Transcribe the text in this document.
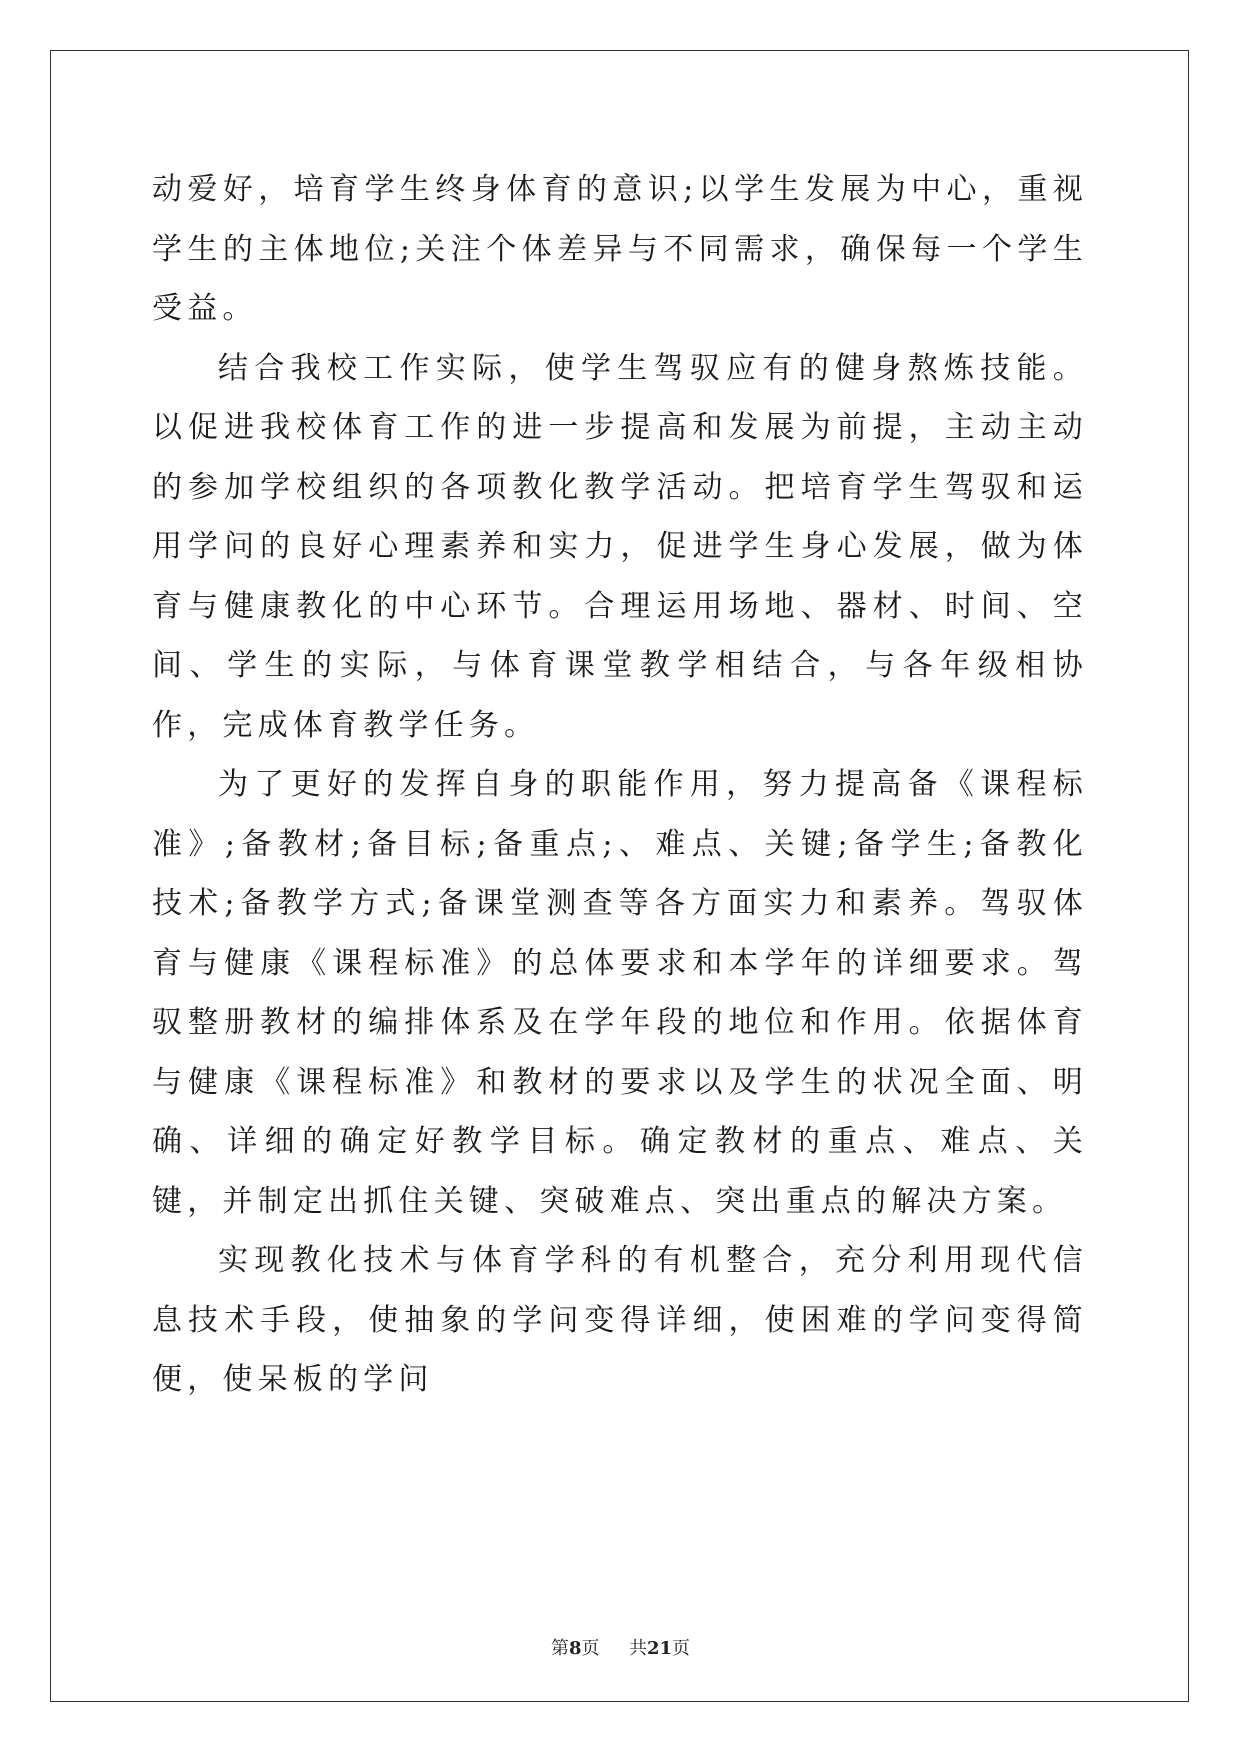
动爱好，培育学生终身体育的意识;以学生发展为中心，重视学生的主体地位;关注个体差异与不同需求，确保每一个学生受益。

结合我校工作实际，使学生驾驭应有的健身熬炼技能。以促进我校体育工作的进一步提高和发展为前提，主动主动的参加学校组织的各项教化教学活动。把培育学生驾驭和运用学问的良好心理素养和实力，促进学生身心发展，做为体育与健康教化的中心环节。合理运用场地、器材、时间、空间、学生的实际，与体育课堂教学相结合，与各年级相协作，完成体育教学任务。

为了更好的发挥自身的职能作用，努力提高备《课程标准》;备教材;备目标;备重点;、难点、关键;备学生;备教化技术;备教学方式;备课堂测查等各方面实力和素养。驾驭体育与健康《课程标准》的总体要求和本学年的详细要求。驾驭整册教材的编排体系及在学年段的地位和作用。依据体育与健康《课程标准》和教材的要求以及学生的状况全面、明确、详细的确定好教学目标。确定教材的重点、难点、关键，并制定出抓住关键、突破难点、突出重点的解决方案。

实现教化技术与体育学科的有机整合，充分利用现代信息技术手段，使抽象的学问变得详细，使困难的学问变得简便，使呆板的学问

第8页 共21页
